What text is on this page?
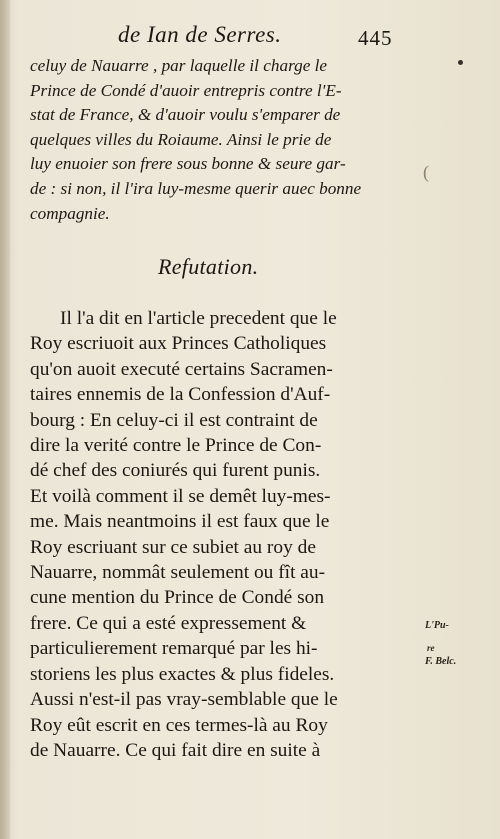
(
de Ian de Serres.	445
celuy de Nauarre , par laquelle il charge le
Prince de Condé d'auoir entrepris contre l'E-
stat de France, & d'auoir voulu s'emparer de
quelques villes du Roiaume. Ainsi le prie de
luy enuoier son frere sous bonne & seure gar-
de : si non, il l'ira luy-mesme querir auec bonne
compagnie.
Refutation.
Il l'a dit en l'article precedent que le
Roy escriuoit aux Princes Catholiques
qu'on auoit executé certains Sacramen-
taires ennemis de la Confession d'Auf-
bourg : En celuy-ci il est contraint de
dire la verité contre le Prince de Con-
dé chef des coniurés qui furent punis.
Et voilà comment il se demêt luy-mes-
me. Mais neantmoins il est faux que le
Roy escriuant sur ce subiet au roy de
Nauarre, nommât seulement ou fît au-
cune mention du Prince de Condé son
frere. Ce qui a esté expressement &
particulierement remarqué par les hi-
storiens les plus exactes & plus fideles.
Aussi n'est-il pas vray-semblable que le
Roy eût escrit en ces termes-là au Roy
de Nauarre. Ce qui fait dire en suite à
L'Pu-
re
F. Belc.
